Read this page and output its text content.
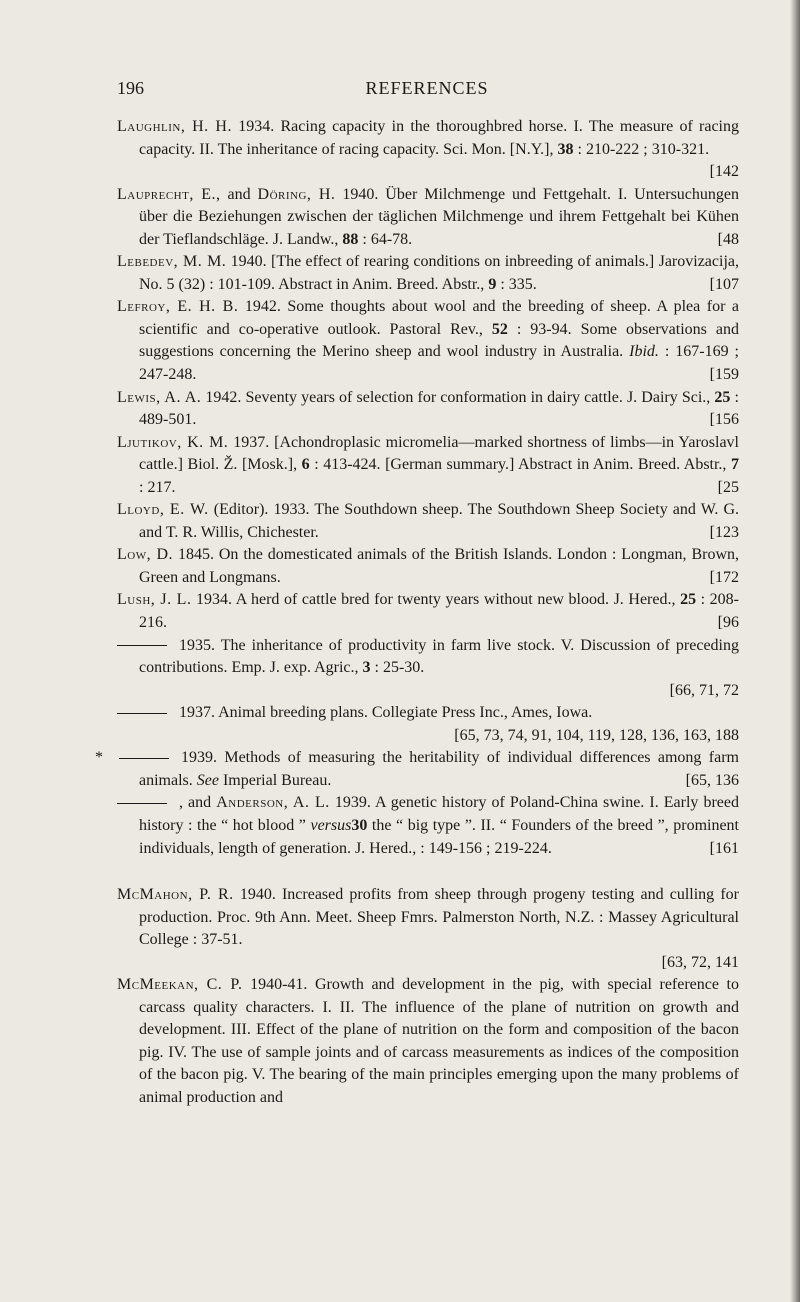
196	REFERENCES
Laughlin, H. H. 1934. Racing capacity in the thoroughbred horse. I. The measure of racing capacity. II. The inheritance of racing capacity. Sci. Mon. [N.Y.], 38 : 210-222 ; 310-321.
[142
Lauprecht, E., and Döring, H. 1940. Über Milchmenge und Fettgehalt. I. Untersuchungen über die Beziehungen zwischen der täglichen Milchmenge und ihrem Fettgehalt bei Kühen der Tieflandschläge. J. Landw., 88 : 64-78.	[48
Lebedev, M. M. 1940. [The effect of rearing conditions on inbreeding of animals.] Jarovizacija, No. 5 (32) : 101-109. Abstract in Anim. Breed. Abstr., 9 : 335.	[107
Lefroy, E. H. B. 1942. Some thoughts about wool and the breeding of sheep. A plea for a scientific and co-operative outlook. Pastoral Rev., 52 : 93-94. Some observations and suggestions concerning the Merino sheep and wool industry in Australia. Ibid. : 167-169 ; 247-248.	[159
Lewis, A. A. 1942. Seventy years of selection for conformation in dairy cattle. J. Dairy Sci., 25 : 489-501.	[156
Ljutikov, K. M. 1937. [Achondroplasic micromelia—marked shortness of limbs—in Yaroslavl cattle.] Biol. Ž. [Mosk.], 6 : 413-424. [German summary.] Abstract in Anim. Breed. Abstr., 7 : 217.	[25
Lloyd, E. W. (Editor). 1933. The Southdown sheep. The Southdown Sheep Society and W. G. and T. R. Willis, Chichester.	[123
Low, D. 1845. On the domesticated animals of the British Islands. London : Longman, Brown, Green and Longmans.	[172
Lush, J. L. 1934. A herd of cattle bred for twenty years without new blood. J. Hered., 25 : 208-216.	[96
1935. The inheritance of productivity in farm live stock. V. Discussion of preceding contributions. Emp. J. exp. Agric., 3 : 25-30.
[66, 71, 72
1937. Animal breeding plans. Collegiate Press Inc., Ames, Iowa.
[65, 73, 74, 91, 104, 119, 128, 136, 163, 188
*	1939. Methods of measuring the heritability of individual differences among farm animals. See Imperial Bureau.	[65, 136
, and Anderson, A. L. 1939. A genetic history of Poland-China swine. I. Early breed history : the “ hot blood ” versus30 the “ big type ”. II. “ Founders of the breed ”, prominent individuals, length of generation. J. Hered., : 149-156 ; 219-224.	[161
McMahon, P. R. 1940. Increased profits from sheep through progeny testing and culling for production. Proc. 9th Ann. Meet. Sheep Fmrs. Palmerston North, N.Z. : Massey Agricultural College : 37-51.
[63, 72, 141
McMeekan, C. P. 1940-41. Growth and development in the pig, with special reference to carcass quality characters. I. II. The influence of the plane of nutrition on growth and development. III. Effect of the plane of nutrition on the form and composition of the bacon pig. IV. The use of sample joints and of carcass measurements as indices of the composition of the bacon pig. V. The bearing of the main principles emerging upon the many problems of animal production and
